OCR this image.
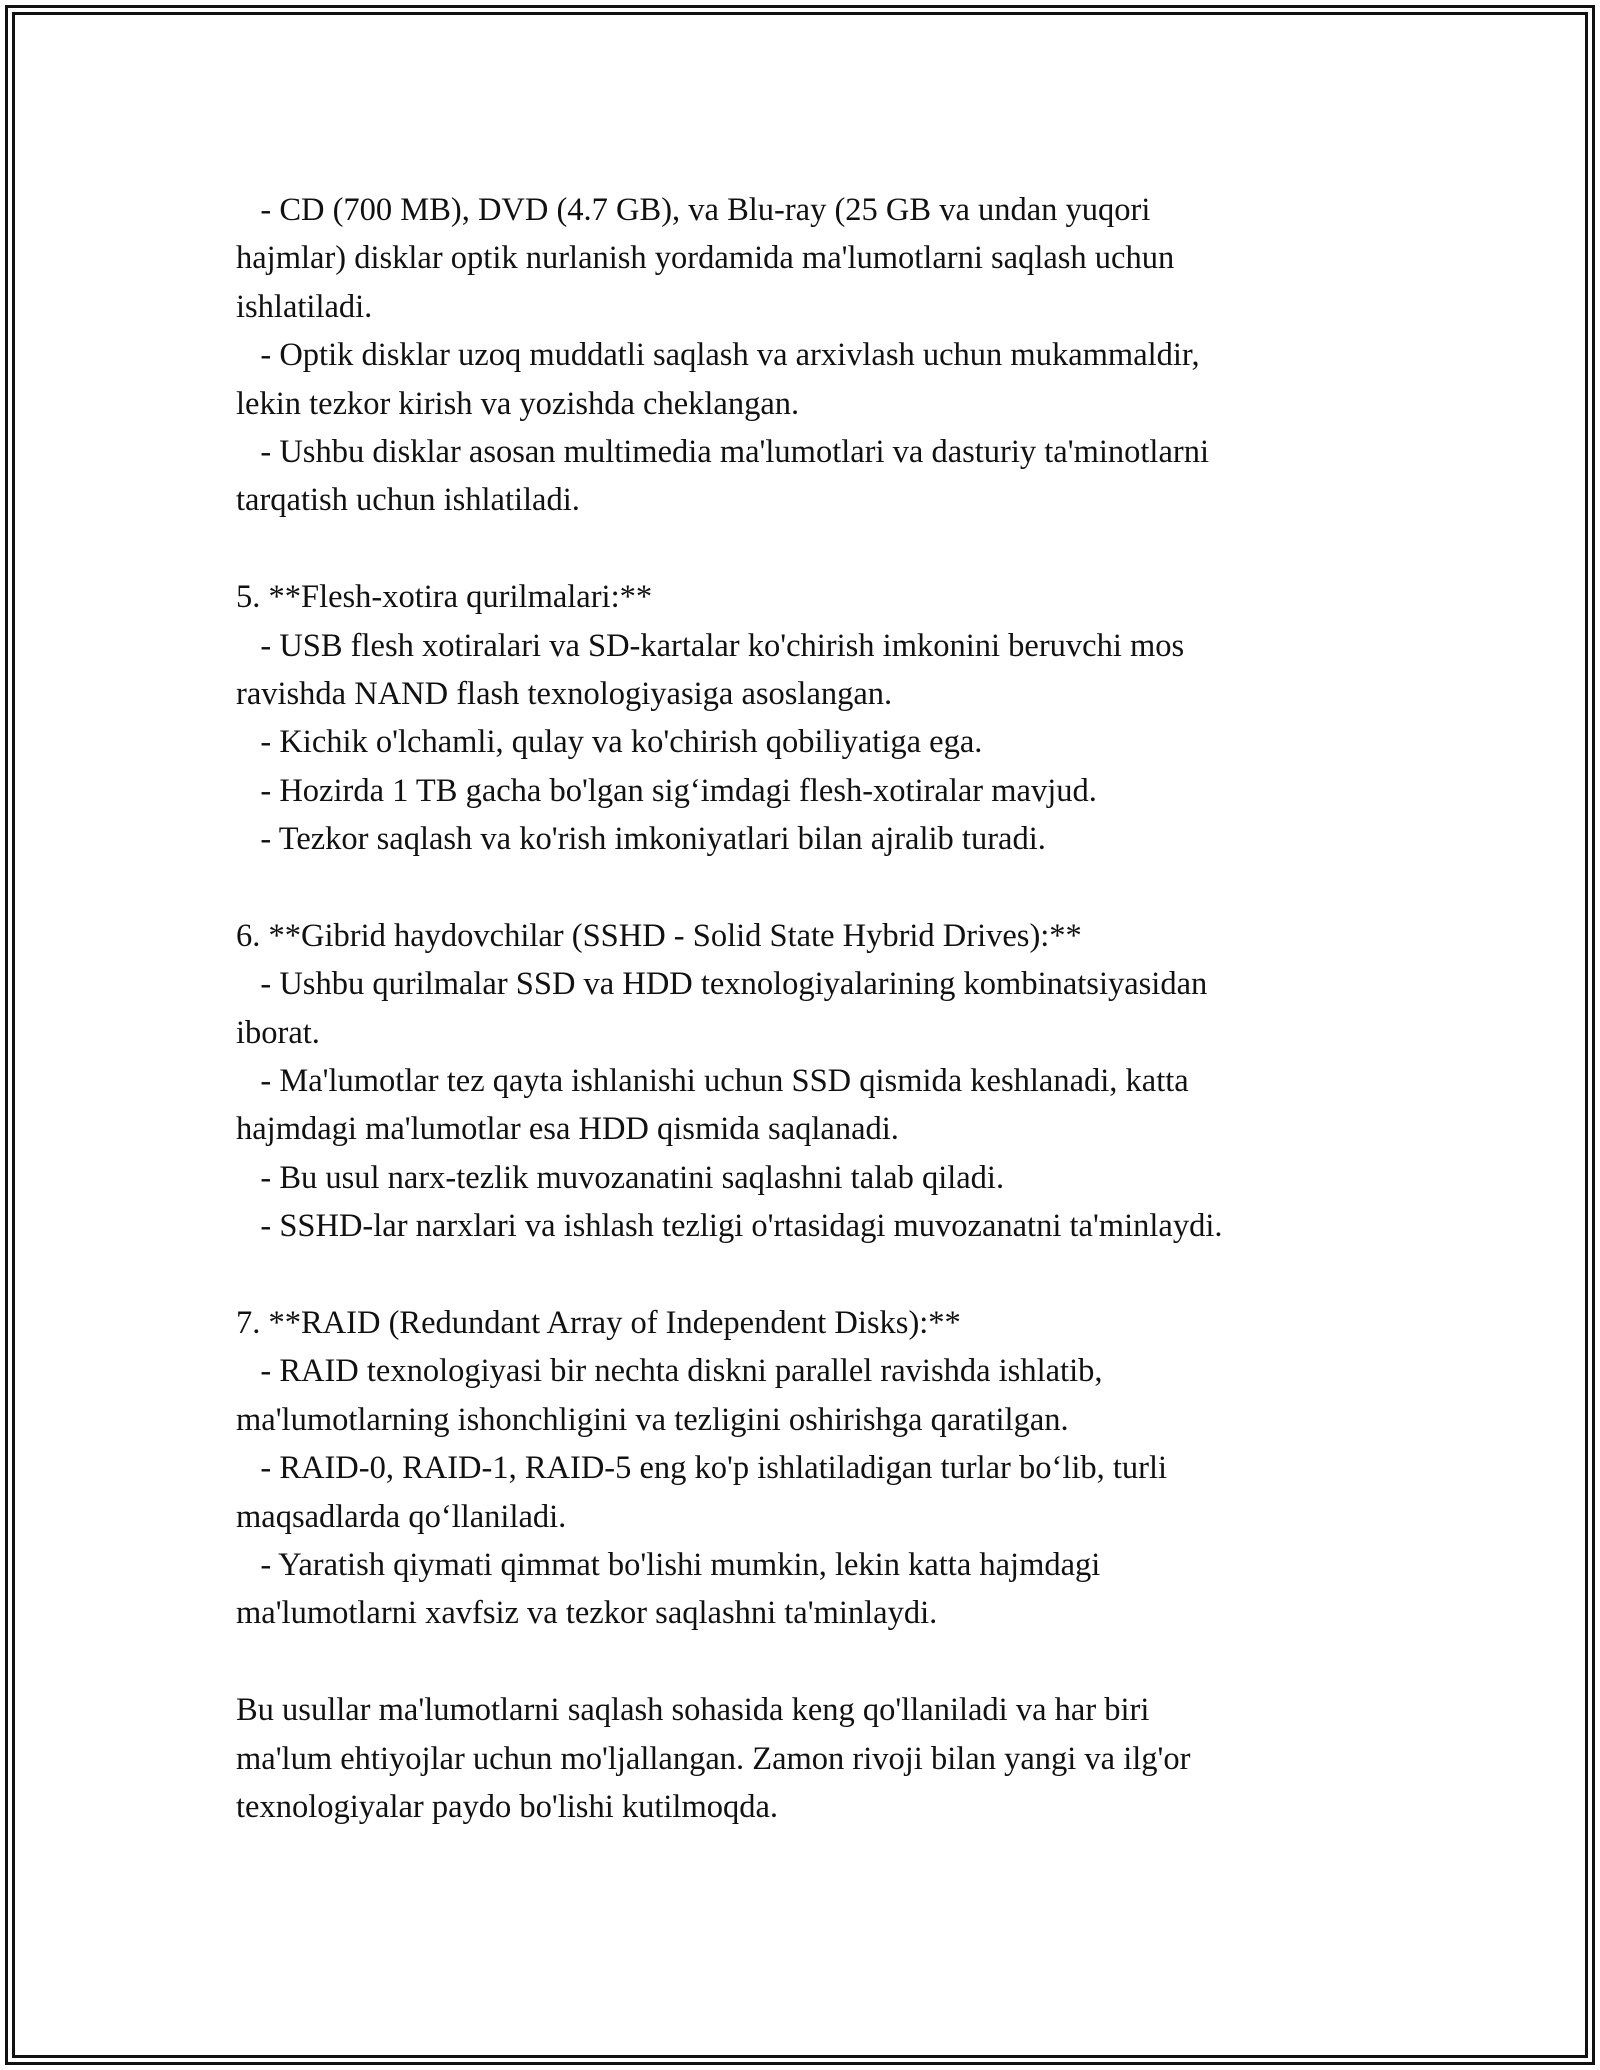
- CD (700 MB), DVD (4.7 GB), va Blu-ray (25 GB va undan yuqori
hajmlar) disklar optik nurlanish yordamida ma'lumotlarni saqlash uchun
ishlatiladi.
- Optik disklar uzoq muddatli saqlash va arxivlash uchun mukammaldir,
lekin tezkor kirish va yozishda cheklangan.
- Ushbu disklar asosan multimedia ma'lumotlari va dasturiy ta'minotlarni
tarqatish uchun ishlatiladi.
5. **Flesh-xotira qurilmalari:**
- USB flesh xotiralari va SD-kartalar ko'chirish imkonini beruvchi mos
ravishda NAND flash texnologiyasiga asoslangan.
- Kichik o'lchamli, qulay va ko'chirish qobiliyatiga ega.
- Hozirda 1 TB gacha bo'lgan sig‘imdagi flesh-xotiralar mavjud.
- Tezkor saqlash va ko'rish imkoniyatlari bilan ajralib turadi.
6. **Gibrid haydovchilar (SSHD - Solid State Hybrid Drives):**
- Ushbu qurilmalar SSD va HDD texnologiyalarining kombinatsiyasidan
iborat.
- Ma'lumotlar tez qayta ishlanishi uchun SSD qismida keshlanadi, katta
hajmdagi ma'lumotlar esa HDD qismida saqlanadi.
- Bu usul narx-tezlik muvozanatini saqlashni talab qiladi.
- SSHD-lar narxlari va ishlash tezligi o'rtasidagi muvozanatni ta'minlaydi.
7. **RAID (Redundant Array of Independent Disks):**
- RAID texnologiyasi bir nechta diskni parallel ravishda ishlatib,
ma'lumotlarning ishonchligini va tezligini oshirishga qaratilgan.
- RAID-0, RAID-1, RAID-5 eng ko'p ishlatiladigan turlar bo‘lib, turli
maqsadlarda qo‘llaniladi.
- Yaratish qiymati qimmat bo'lishi mumkin, lekin katta hajmdagi
ma'lumotlarni xavfsiz va tezkor saqlashni ta'minlaydi.
Bu usullar ma'lumotlarni saqlash sohasida keng qo'llaniladi va har biri
ma'lum ehtiyojlar uchun mo'ljallangan. Zamon rivoji bilan yangi va ilg'or
texnologiyalar paydo bo'lishi kutilmoqda.
